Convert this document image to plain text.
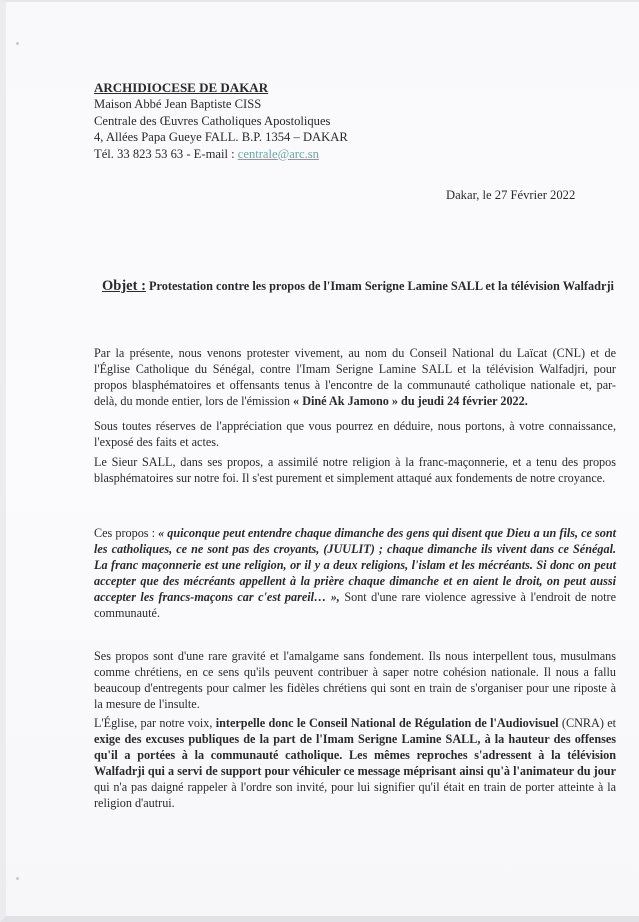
ARCHIDIOCESE DE DAKAR
Maison Abbé Jean Baptiste CISS
Centrale des Œuvres Catholiques Apostoliques
4, Allées Papa Gueye FALL. B.P. 1354 – DAKAR
Tél. 33 823 53 63 - E-mail : centrale@arc.sn
Dakar, le 27 Février 2022
Objet : Protestation contre les propos de l'Imam Serigne Lamine SALL et la télévision Walfadrji
Par la présente, nous venons protester vivement, au nom du Conseil National du Laïcat (CNL) et de l'Église Catholique du Sénégal, contre l'Imam Serigne Lamine SALL et la télévision Walfadjri, pour propos blasphématoires et offensants tenus à l'encontre de la communauté catholique nationale et, par-delà, du monde entier, lors de l'émission « Diné Ak Jamono » du jeudi 24 février 2022.
Sous toutes réserves de l'appréciation que vous pourrez en déduire, nous portons, à votre connaissance, l'exposé des faits et actes.
Le Sieur SALL, dans ses propos, a assimilé notre religion à la franc-maçonnerie, et a tenu des propos blasphématoires sur notre foi. Il s'est purement et simplement attaqué aux fondements de notre croyance.
Ces propos : « quiconque peut entendre chaque dimanche des gens qui disent que Dieu a un fils, ce sont les catholiques, ce ne sont pas des croyants, (JUULIT) ; chaque dimanche ils vivent dans ce Sénégal. La franc maçonnerie est une religion, or il y a deux religions, l'islam et les mécréants. Si donc on peut accepter que des mécréants appellent à la prière chaque dimanche et en aient le droit, on peut aussi accepter les francs-maçons car c'est pareil… », Sont d'une rare violence agressive à l'endroit de notre communauté.
Ses propos sont d'une rare gravité et l'amalgame sans fondement. Ils nous interpellent tous, musulmans comme chrétiens, en ce sens qu'ils peuvent contribuer à saper notre cohésion nationale. Il nous a fallu beaucoup d'entregents pour calmer les fidèles chrétiens qui sont en train de s'organiser pour une riposte à la mesure de l'insulte.
L'Église, par notre voix, interpelle donc le Conseil National de Régulation de l'Audiovisuel (CNRA) et exige des excuses publiques de la part de l'Imam Serigne Lamine SALL, à la hauteur des offenses qu'il a portées à la communauté catholique. Les mêmes reproches s'adressent à la télévision Walfadrji qui a servi de support pour véhiculer ce message méprisant ainsi qu'à l'animateur du jour qui n'a pas daigné rappeler à l'ordre son invité, pour lui signifier qu'il était en train de porter atteinte à la religion d'autrui.
